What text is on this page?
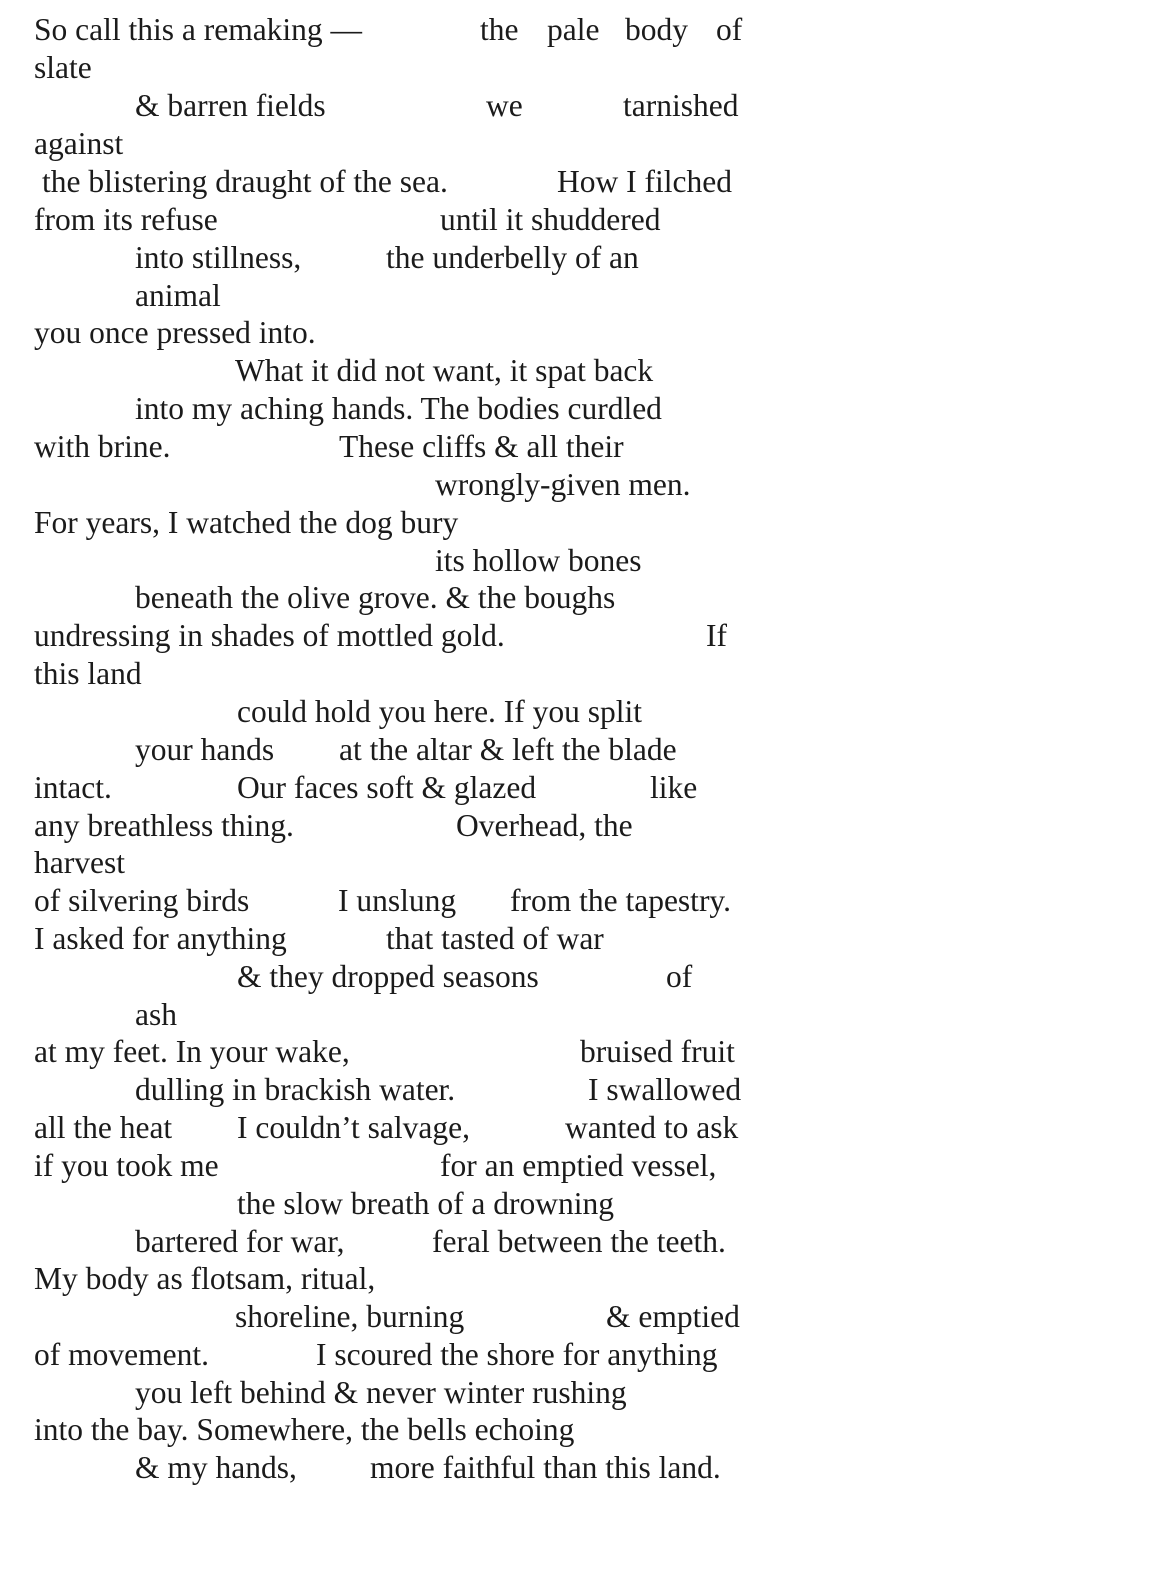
So call this a remaking —	the pale body of
slate
& barren fields	we	tarnished
against
the blistering draught of the sea.	How I filched
from its refuse	until it shuddered
into stillness,	the underbelly of an
animal
you once pressed into.
What it did not want, it spat back
into my aching hands. The bodies curdled
with brine.	These cliffs & all their
wrongly-given men.
For years, I watched the dog bury
its hollow bones
beneath the olive grove. & the boughs
undressing in shades of mottled gold.	If
this land
could hold you here. If you split
your hands at the altar & left the blade
intact.	Our faces soft & glazed	like
any breathless thing.	Overhead, the
harvest
of silvering birds	I unslung from the tapestry.
I asked for anything	that tasted of war
& they dropped seasons	of
ash
at my feet. In your wake,	bruised fruit
dulling in brackish water.	I swallowed
all the heat I couldn’t salvage,	wanted to ask
if you took me	for an emptied vessel,
the slow breath of a drowning
bartered for war,	feral between the teeth.
My body as flotsam, ritual,
shoreline, burning	& emptied
of movement.	I scoured the shore for anything
you left behind & never winter rushing
into the bay. Somewhere, the bells echoing
& my hands, more faithful than this land.
